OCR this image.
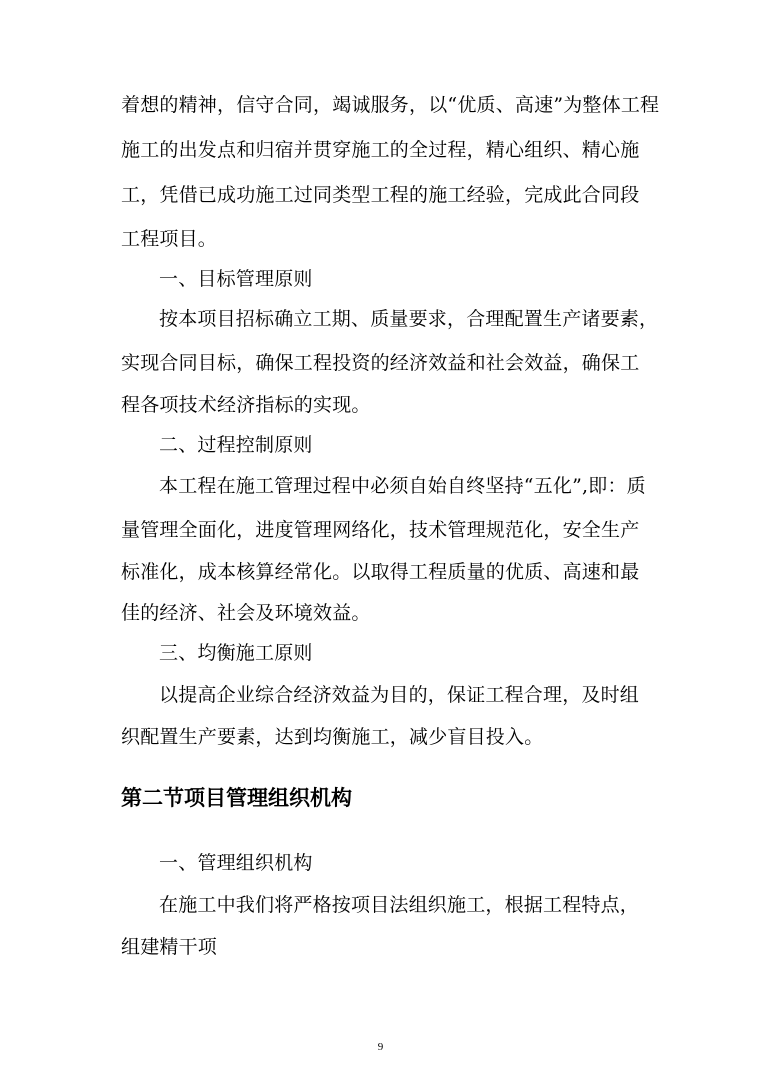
着想的精神，信守合同，竭诚服务，以“优质、高速”为整体工程
施工的出发点和归宿并贯穿施工的全过程，精心组织、精心施
工，凭借已成功施工过同类型工程的施工经验，完成此合同段
工程项目。
一、目标管理原则
按本项目招标确立工期、质量要求，合理配置生产诸要素，
实现合同目标，确保工程投资的经济效益和社会效益，确保工
程各项技术经济指标的实现。
二、过程控制原则
本工程在施工管理过程中必须自始自终坚持“五化”,即：质
量管理全面化，进度管理网络化，技术管理规范化，安全生产
标准化，成本核算经常化。以取得工程质量的优质、高速和最
佳的经济、社会及环境效益。
三、均衡施工原则
以提高企业综合经济效益为目的，保证工程合理，及时组
织配置生产要素，达到均衡施工，减少盲目投入。
第二节项目管理组织机构
一、管理组织机构
在施工中我们将严格按项目法组织施工，根据工程特点，
组建精干项
9
